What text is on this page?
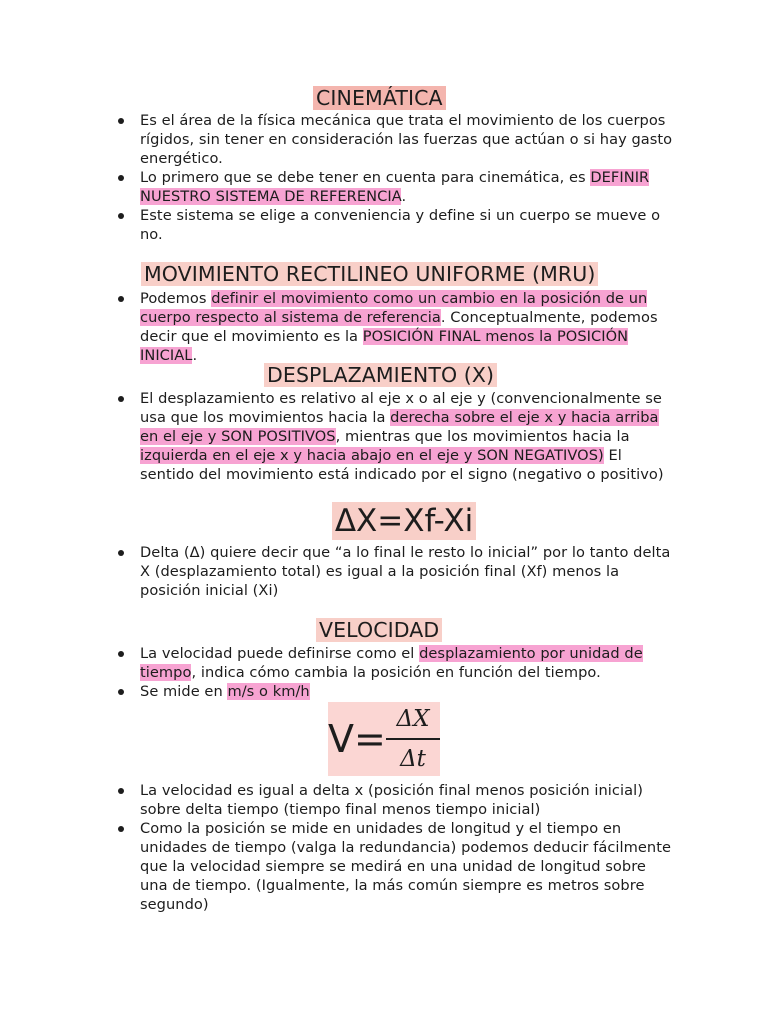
CINEMÁTICA
Es el área de la física mecánica que trata el movimiento de los cuerpos rígidos, sin tener en consideración las fuerzas que actúan o si hay gasto energético.
Lo primero que se debe tener en cuenta para cinemática, es DEFINIR NUESTRO SISTEMA DE REFERENCIA.
Este sistema se elige a conveniencia y define si un cuerpo se mueve o no.
MOVIMIENTO RECTILINEO UNIFORME (MRU)
Podemos definir el movimiento como un cambio en la posición de un cuerpo respecto al sistema de referencia. Conceptualmente, podemos decir que el movimiento es la POSICIÓN FINAL menos la POSICIÓN INICIAL.
DESPLAZAMIENTO (X)
El desplazamiento es relativo al eje x o al eje y (convencionalmente se usa que los movimientos hacia la derecha sobre el eje x y hacia arriba en el eje y SON POSITIVOS, mientras que los movimientos hacia la izquierda en el eje x y hacia abajo en el eje y SON NEGATIVOS) El sentido del movimiento está indicado por el signo (negativo o positivo)
ΔX=Xf-Xi
Delta (Δ) quiere decir que “a lo final le resto lo inicial” por lo tanto delta X (desplazamiento total) es igual a la posición final (Xf) menos la posición inicial (Xi)
VELOCIDAD
La velocidad puede definirse como el desplazamiento por unidad de tiempo, indica cómo cambia la posición en función del tiempo.
Se mide en m/s o km/h
V= ΔX
Δt
La velocidad es igual a delta x (posición final menos posición inicial) sobre delta tiempo (tiempo final menos tiempo inicial)
Como la posición se mide en unidades de longitud y el tiempo en unidades de tiempo (valga la redundancia) podemos deducir fácilmente que la velocidad siempre se medirá en una unidad de longitud sobre una de tiempo. (Igualmente, la más común siempre es metros sobre segundo)
